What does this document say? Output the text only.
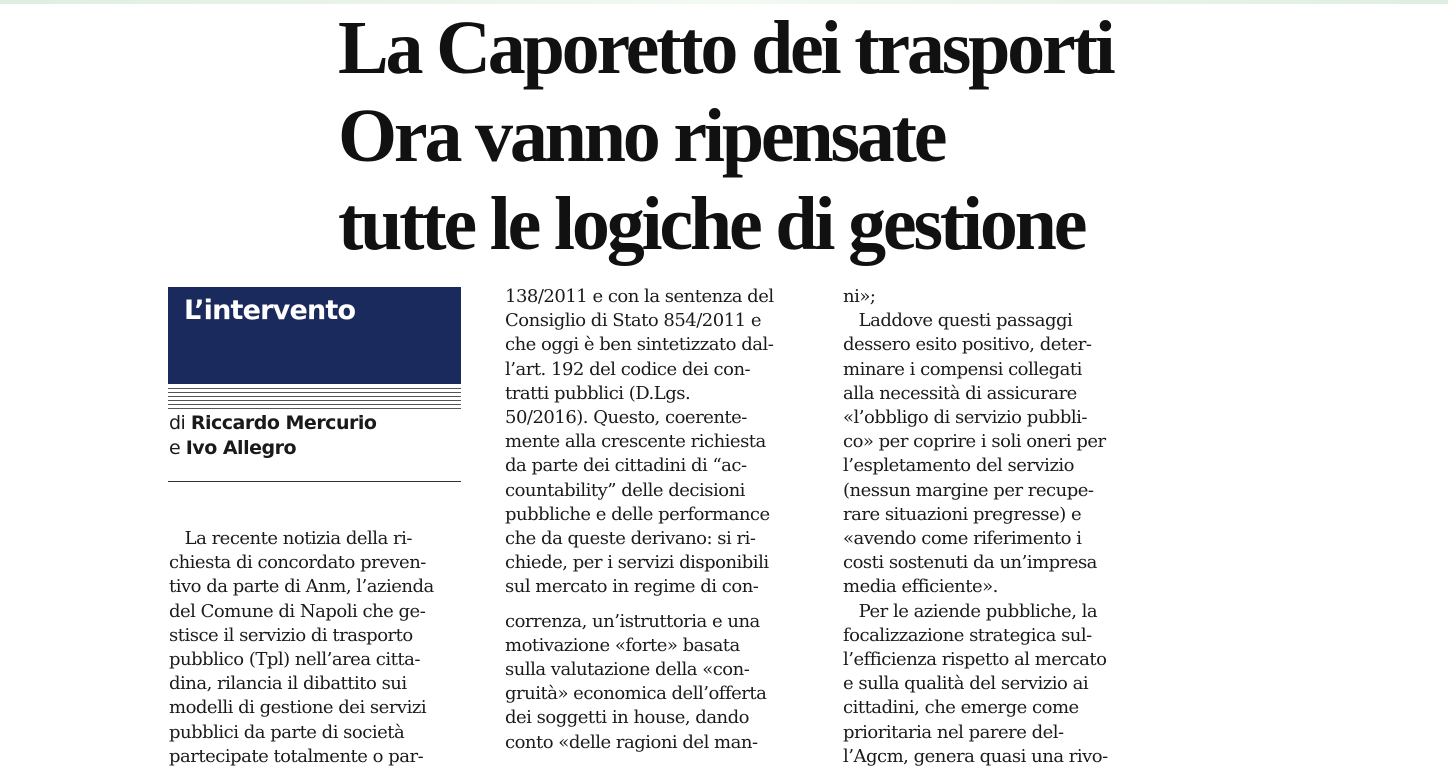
La Caporetto dei trasporti
Ora vanno ripensate
tutte le logiche di gestione
L’intervento
di Riccardo Mercurio
e Ivo Allegro
La recente notizia della ri-
chiesta di concordato preven-
tivo da parte di Anm, l’azienda
del Comune di Napoli che ge-
stisce il servizio di trasporto
pubblico (Tpl) nell’area citta-
dina, rilancia il dibattito sui
modelli di gestione dei servizi
pubblici da parte di società
partecipate totalmente o par-
138/2011 e con la sentenza del
Consiglio di Stato 854/2011 e
che oggi è ben sintetizzato dal-
l’art. 192 del codice dei con-
tratti pubblici (D.Lgs.
50/2016). Questo, coerente-
mente alla crescente richiesta
da parte dei cittadini di “ac-
countability” delle decisioni
pubbliche e delle performance
che da queste derivano: si ri-
chiede, per i servizi disponibili
sul mercato in regime di con-
correnza, un’istruttoria e una
motivazione «forte» basata
sulla valutazione della «con-
gruità» economica dell’offerta
dei soggetti in house, dando
conto «delle ragioni del man-
ni»;
Laddove questi passaggi
dessero esito positivo, deter-
minare i compensi collegati
alla necessità di assicurare
«l’obbligo di servizio pubbli-
co» per coprire i soli oneri per
l’espletamento del servizio
(nessun margine per recupe-
rare situazioni pregresse) e
«avendo come riferimento i
costi sostenuti da un’impresa
media efficiente».
Per le aziende pubbliche, la
focalizzazione strategica sul-
l’efficienza rispetto al mercato
e sulla qualità del servizio ai
cittadini, che emerge come
prioritaria nel parere del-
l’Agcm, genera quasi una rivo-
